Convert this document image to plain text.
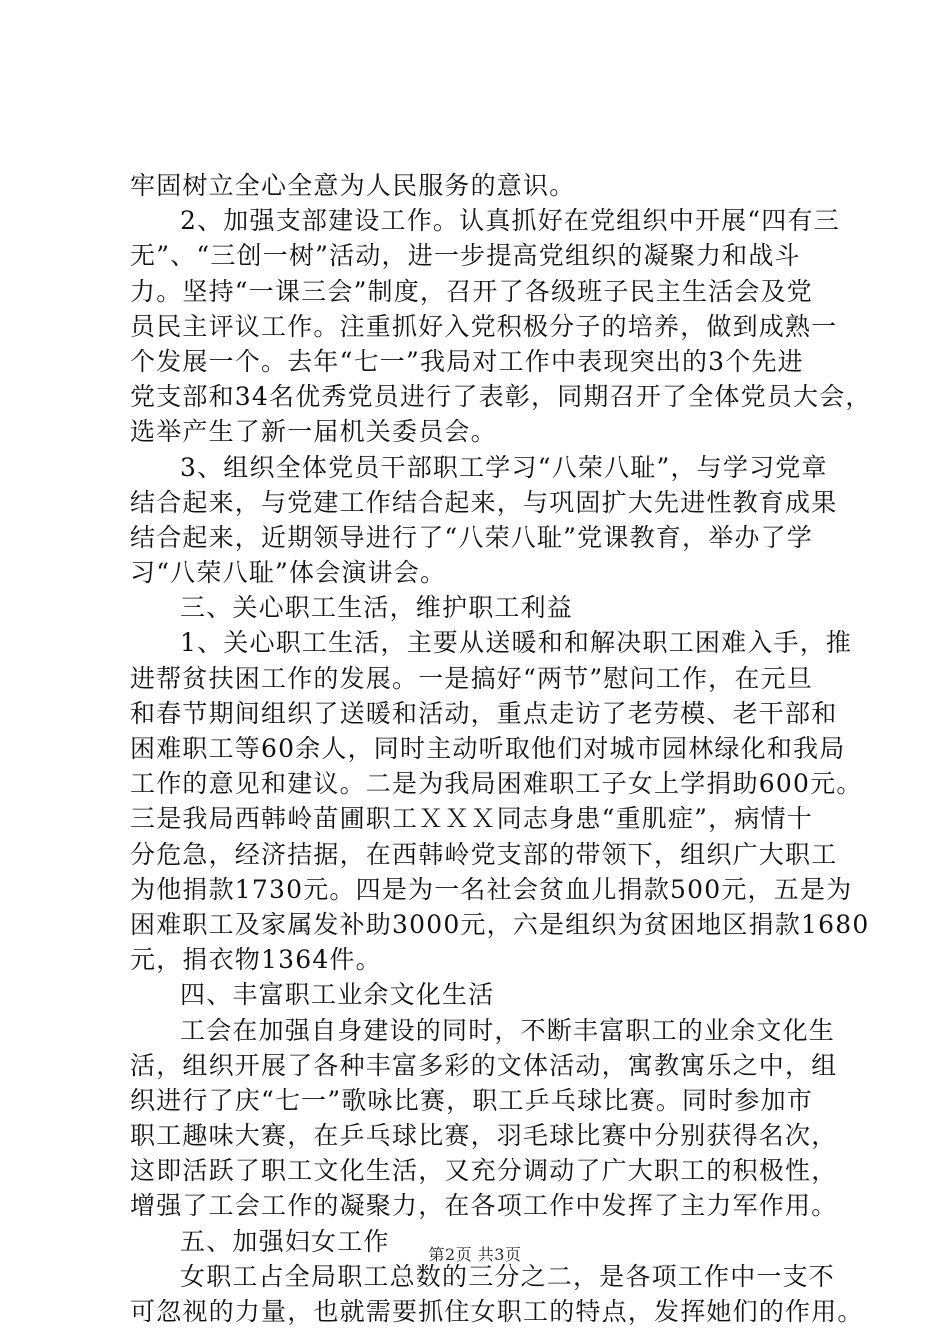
牢固树立全心全意为人民服务的意识。
2、加强支部建设工作。认真抓好在党组织中开展“四有三
无”、“三创一树”活动，进一步提高党组织的凝聚力和战斗
力。坚持“一课三会”制度，召开了各级班子民主生活会及党
员民主评议工作。注重抓好入党积极分子的培养，做到成熟一
个发展一个。去年“七一”我局对工作中表现突出的3个先进
党支部和34名优秀党员进行了表彰，同期召开了全体党员大会，
选举产生了新一届机关委员会。
3、组织全体党员干部职工学习“八荣八耻”，与学习党章
结合起来，与党建工作结合起来，与巩固扩大先进性教育成果
结合起来，近期领导进行了“八荣八耻”党课教育，举办了学
习“八荣八耻”体会演讲会。
三、关心职工生活，维护职工利益
1、关心职工生活，主要从送暖和和解决职工困难入手，推
进帮贫扶困工作的发展。一是搞好“两节”慰问工作，在元旦
和春节期间组织了送暖和活动，重点走访了老劳模、老干部和
困难职工等60余人，同时主动听取他们对城市园林绿化和我局
工作的意见和建议。二是为我局困难职工子女上学捐助600元。
三是我局西韩岭苗圃职工ＸＸＸ同志身患“重肌症”，病情十
分危急，经济拮据，在西韩岭党支部的带领下，组织广大职工
为他捐款1730元。四是为一名社会贫血儿捐款500元，五是为
困难职工及家属发补助3000元，六是组织为贫困地区捐款1680
元，捐衣物1364件。
四、丰富职工业余文化生活
工会在加强自身建设的同时，不断丰富职工的业余文化生
活，组织开展了各种丰富多彩的文体活动，寓教寓乐之中，组
织进行了庆“七一”歌咏比赛，职工乒乓球比赛。同时参加市
职工趣味大赛，在乒乓球比赛，羽毛球比赛中分别获得名次，
这即活跃了职工文化生活，又充分调动了广大职工的积极性，
增强了工会工作的凝聚力，在各项工作中发挥了主力军作用。
五、加强妇女工作
女职工占全局职工总数的三分之二，是各项工作中一支不
可忽视的力量，也就需要抓住女职工的特点，发挥她们的作用。
第2页 共3页
